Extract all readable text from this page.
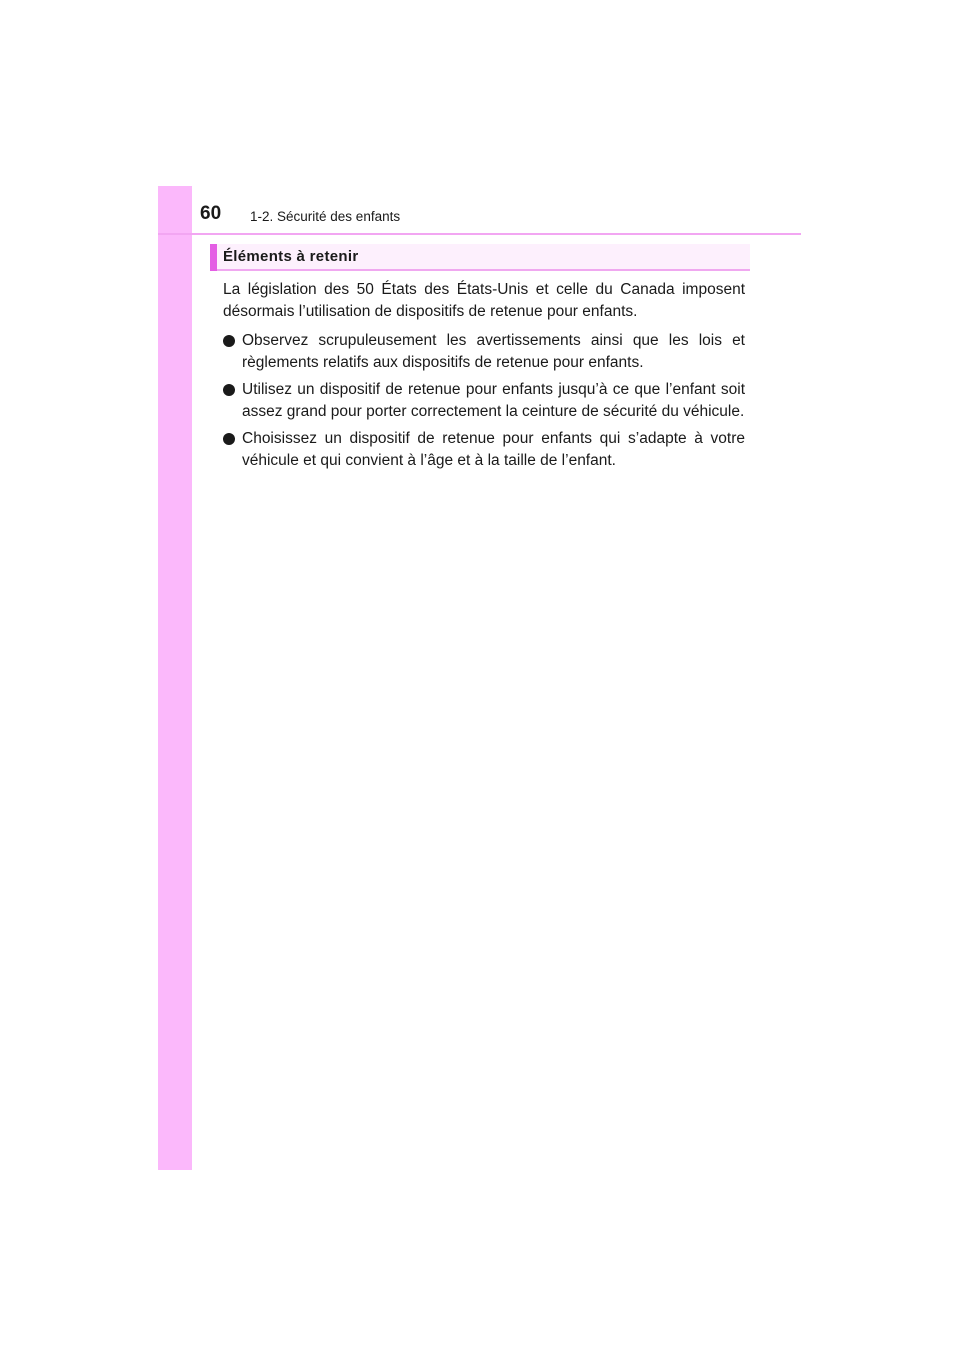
60 1-2. Sécurité des enfants
Éléments à retenir

La législation des 50 États des États-Unis et celle du Canada imposent désormais l’utilisation de dispositifs de retenue pour enfants.

Observez scrupuleusement les avertissements ainsi que les lois et règlements relatifs aux dispositifs de retenue pour enfants.
Utilisez un dispositif de retenue pour enfants jusqu’à ce que l’enfant soit assez grand pour porter correctement la ceinture de sécurité du véhicule.
Choisissez un dispositif de retenue pour enfants qui s’adapte à votre véhicule et qui convient à l’âge et à la taille de l’enfant.
